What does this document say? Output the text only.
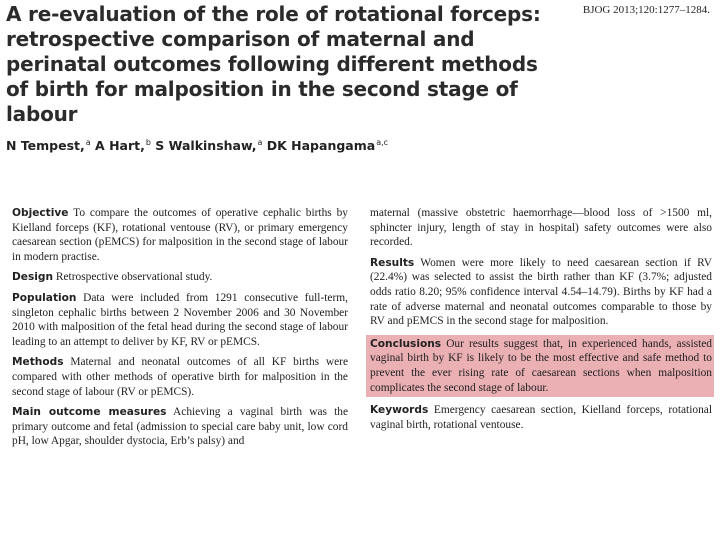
BJOG 2013;120:1277–1284.
A re-evaluation of the role of rotational forceps:
retrospective comparison of maternal and
perinatal outcomes following different methods
of birth for malposition in the second stage of
labour
N Tempest,$^a$ A Hart,$^b$ S Walkinshaw,$^a$ DK Hapangama$^{a,c}$

Objective To compare the outcomes of operative cephalic births by Kielland forceps (KF), rotational ventouse (RV), or primary emergency caesarean section (pEMCS) for malposition in the second stage of labour in modern practise.

Design Retrospective observational study.

Population Data were included from 1291 consecutive full-term, singleton cephalic births between 2 November 2006 and 30 November 2010 with malposition of the fetal head during the second stage of labour leading to an attempt to deliver by KF, RV or pEMCS.

Methods Maternal and neonatal outcomes of all KF births were compared with other methods of operative birth for malposition in the second stage of labour (RV or pEMCS).

Main outcome measures Achieving a vaginal birth was the primary outcome and fetal (admission to special care baby unit, low cord pH, low Apgar, shoulder dystocia, Erb’s palsy) and

maternal (massive obstetric haemorrhage—blood loss of >1500 ml, sphincter injury, length of stay in hospital) safety outcomes were also recorded.

Results Women were more likely to need caesarean section if RV (22.4%) was selected to assist the birth rather than KF (3.7%; adjusted odds ratio 8.20; 95% confidence interval 4.54–14.79). Births by KF had a rate of adverse maternal and neonatal outcomes comparable to those by RV and pEMCS in the second stage for malposition.

Conclusions Our results suggest that, in experienced hands, assisted vaginal birth by KF is likely to be the most effective and safe method to prevent the ever rising rate of caesarean sections when malposition complicates the second stage of labour.

Keywords Emergency caesarean section, Kielland forceps, rotational vaginal birth, rotational ventouse.
